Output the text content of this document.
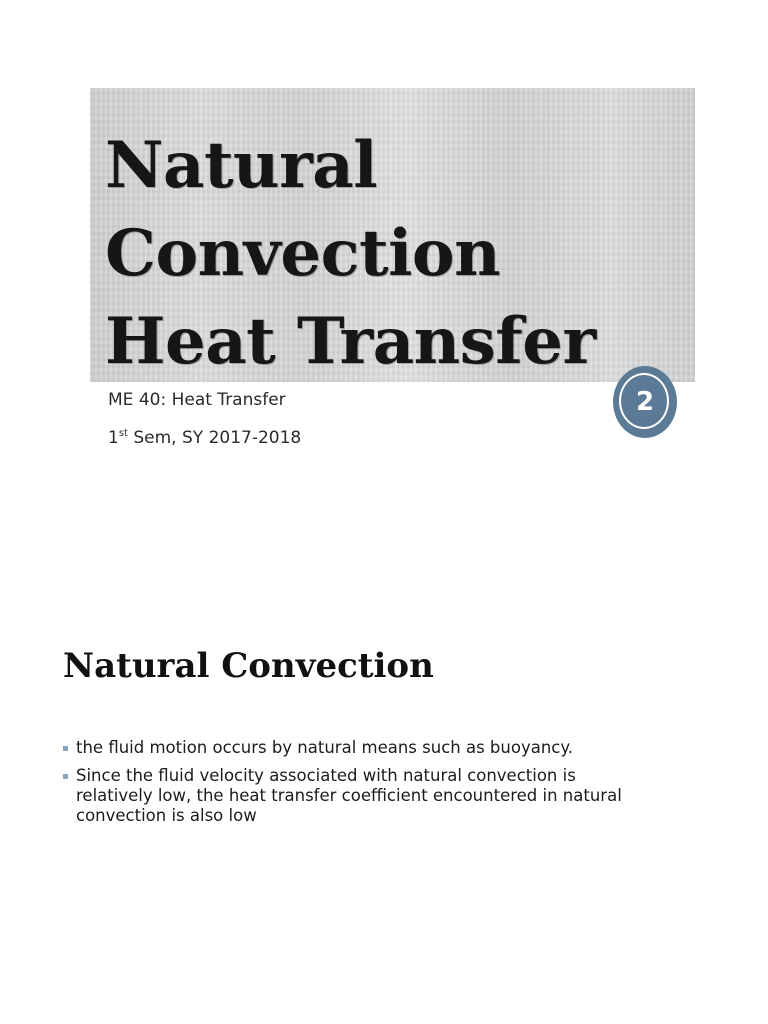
Natural
Convection
Heat Transfer

ME 40: Heat Transfer

1st Sem, SY 2017-2018

2
Natural Convection
the fluid motion occurs by natural means such as buoyancy.
Since the fluid velocity associated with natural convection is relatively low, the heat transfer coefficient encountered in natural convection is also low
